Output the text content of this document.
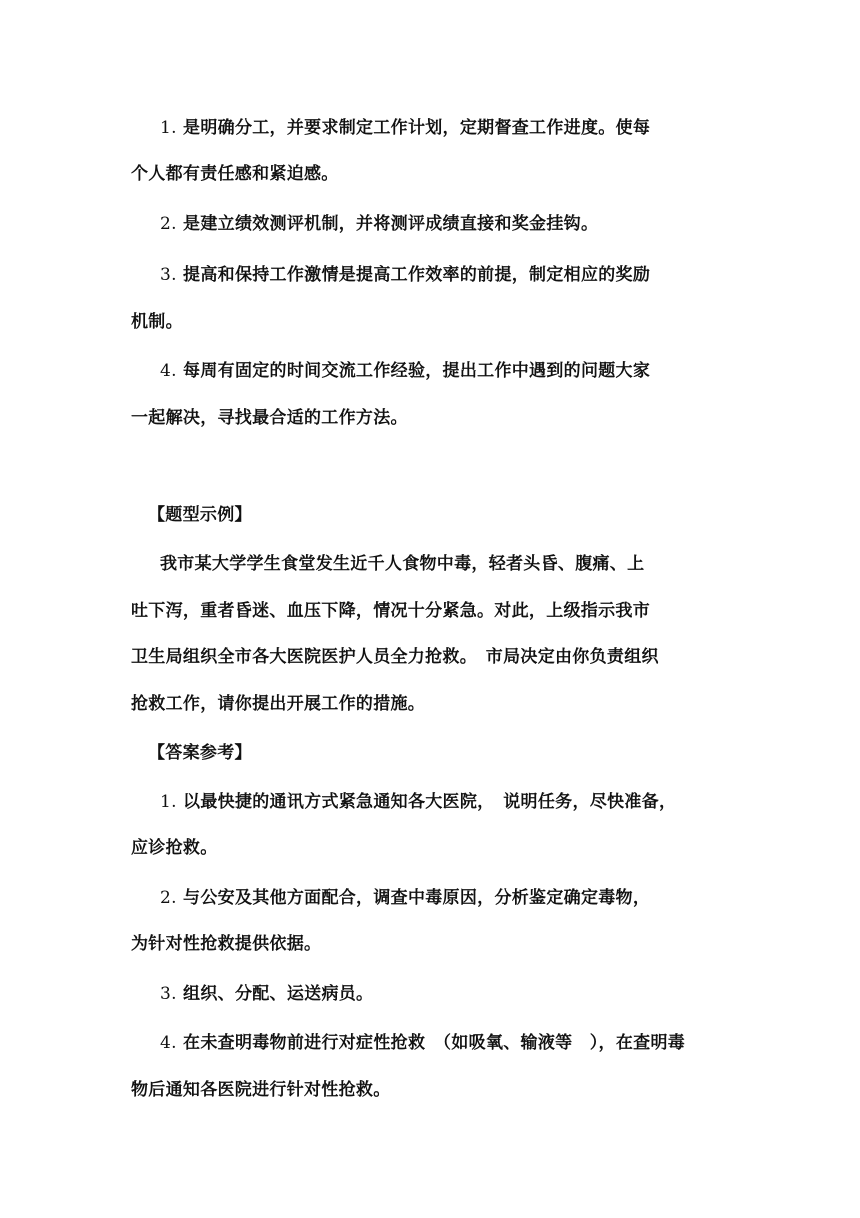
1. 是明确分工，并要求制定工作计划，定期督查工作进度。使每
个人都有责任感和紧迫感。
2. 是建立绩效测评机制，并将测评成绩直接和奖金挂钩。
3. 提高和保持工作激情是提高工作效率的前提，制定相应的奖励
机制。
4. 每周有固定的时间交流工作经验，提出工作中遇到的问题大家
一起解决，寻找最合适的工作方法。
【题型示例】
我市某大学学生食堂发生近千人食物中毒，轻者头昏、腹痛、上
吐下泻，重者昏迷、血压下降，情况十分紧急。对此，上级指示我市
卫生局组织全市各大医院医护人员全力抢救。　市局决定由你负责组织
抢救工作，请你提出开展工作的措施。
【答案参考】
1. 以最快捷的通讯方式紧急通知各大医院，　说明任务，尽快准备，
应诊抢救。
2. 与公安及其他方面配合，调查中毒原因，分析鉴定确定毒物，
为针对性抢救提供依据。
3. 组织、分配、运送病员。
4. 在未查明毒物前进行对症性抢救　（如吸氧、输液等　），在查明毒
物后通知各医院进行针对性抢救。
